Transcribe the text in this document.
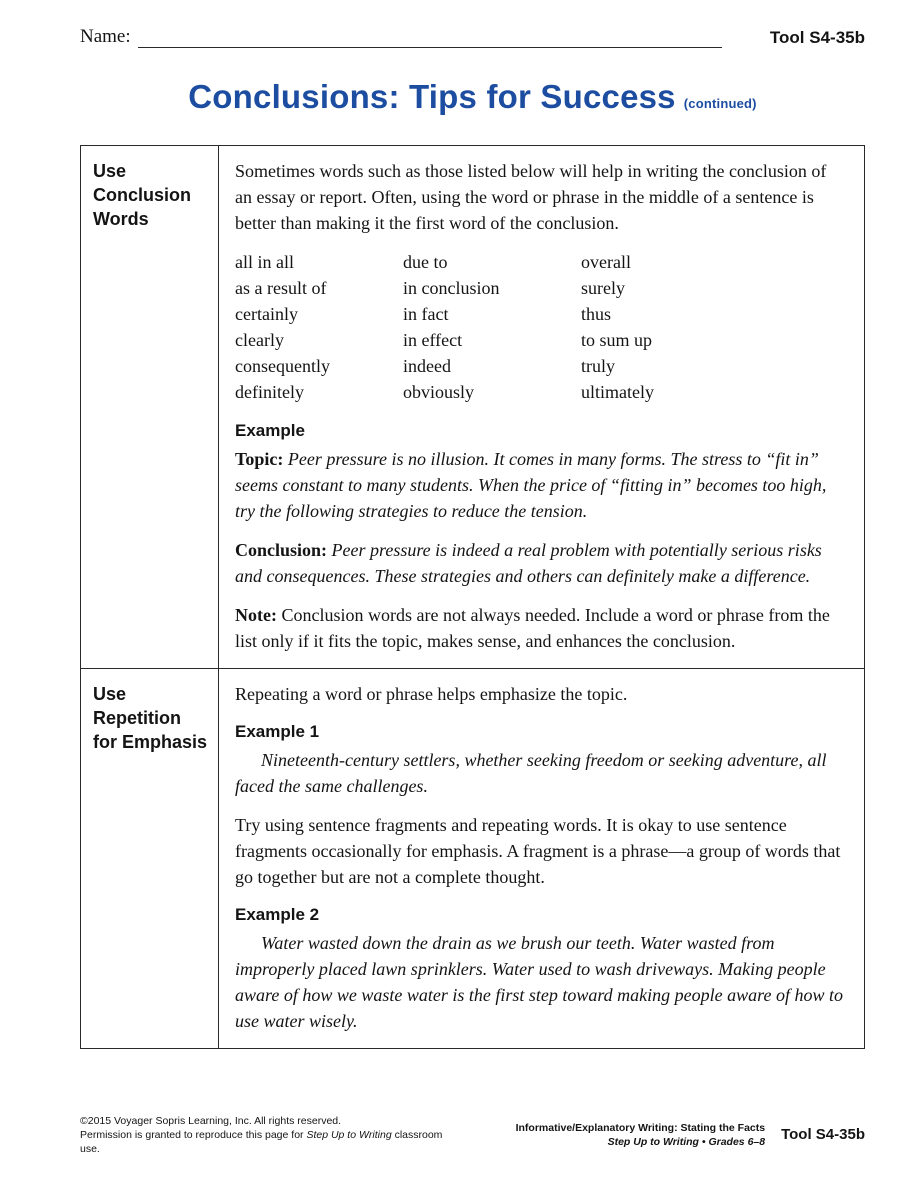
Name:	Tool S4-35b
Conclusions: Tips for Success (continued)
Use Conclusion Words

Sometimes words such as those listed below will help in writing the conclusion of an essay or report. Often, using the word or phrase in the middle of a sentence is better than making it the first word of the conclusion.

all in all
as a result of
certainly
clearly
consequently
definitely
due to
in conclusion
in fact
in effect
indeed
obviously
overall
surely
thus
to sum up
truly
ultimately
Example

Topic: Peer pressure is no illusion. It comes in many forms. The stress to “fit in” seems constant to many students. When the price of “fitting in” becomes too high, try the following strategies to reduce the tension.

Conclusion: Peer pressure is indeed a real problem with potentially serious risks and consequences. These strategies and others can definitely make a difference.

Note: Conclusion words are not always needed. Include a word or phrase from the list only if it fits the topic, makes sense, and enhances the conclusion.

Use Repetition for Emphasis

Repeating a word or phrase helps emphasize the topic.

Example 1

Nineteenth-century settlers, whether seeking freedom or seeking adventure, all faced the same challenges.

Try using sentence fragments and repeating words. It is okay to use sentence fragments occasionally for emphasis. A fragment is a phrase—a group of words that go together but are not a complete thought.

Example 2

Water wasted down the drain as we brush our teeth. Water wasted from improperly placed lawn sprinklers. Water used to wash driveways. Making people aware of how we waste water is the first step toward making people aware of how to use water wisely.

©2015 Voyager Sopris Learning, Inc. All rights reserved.
Permission is granted to reproduce this page for Step Up to Writing classroom use.
Informative/Explanatory Writing: Stating the Facts
Step Up to Writing • Grades 6–8 Tool S4-35b
